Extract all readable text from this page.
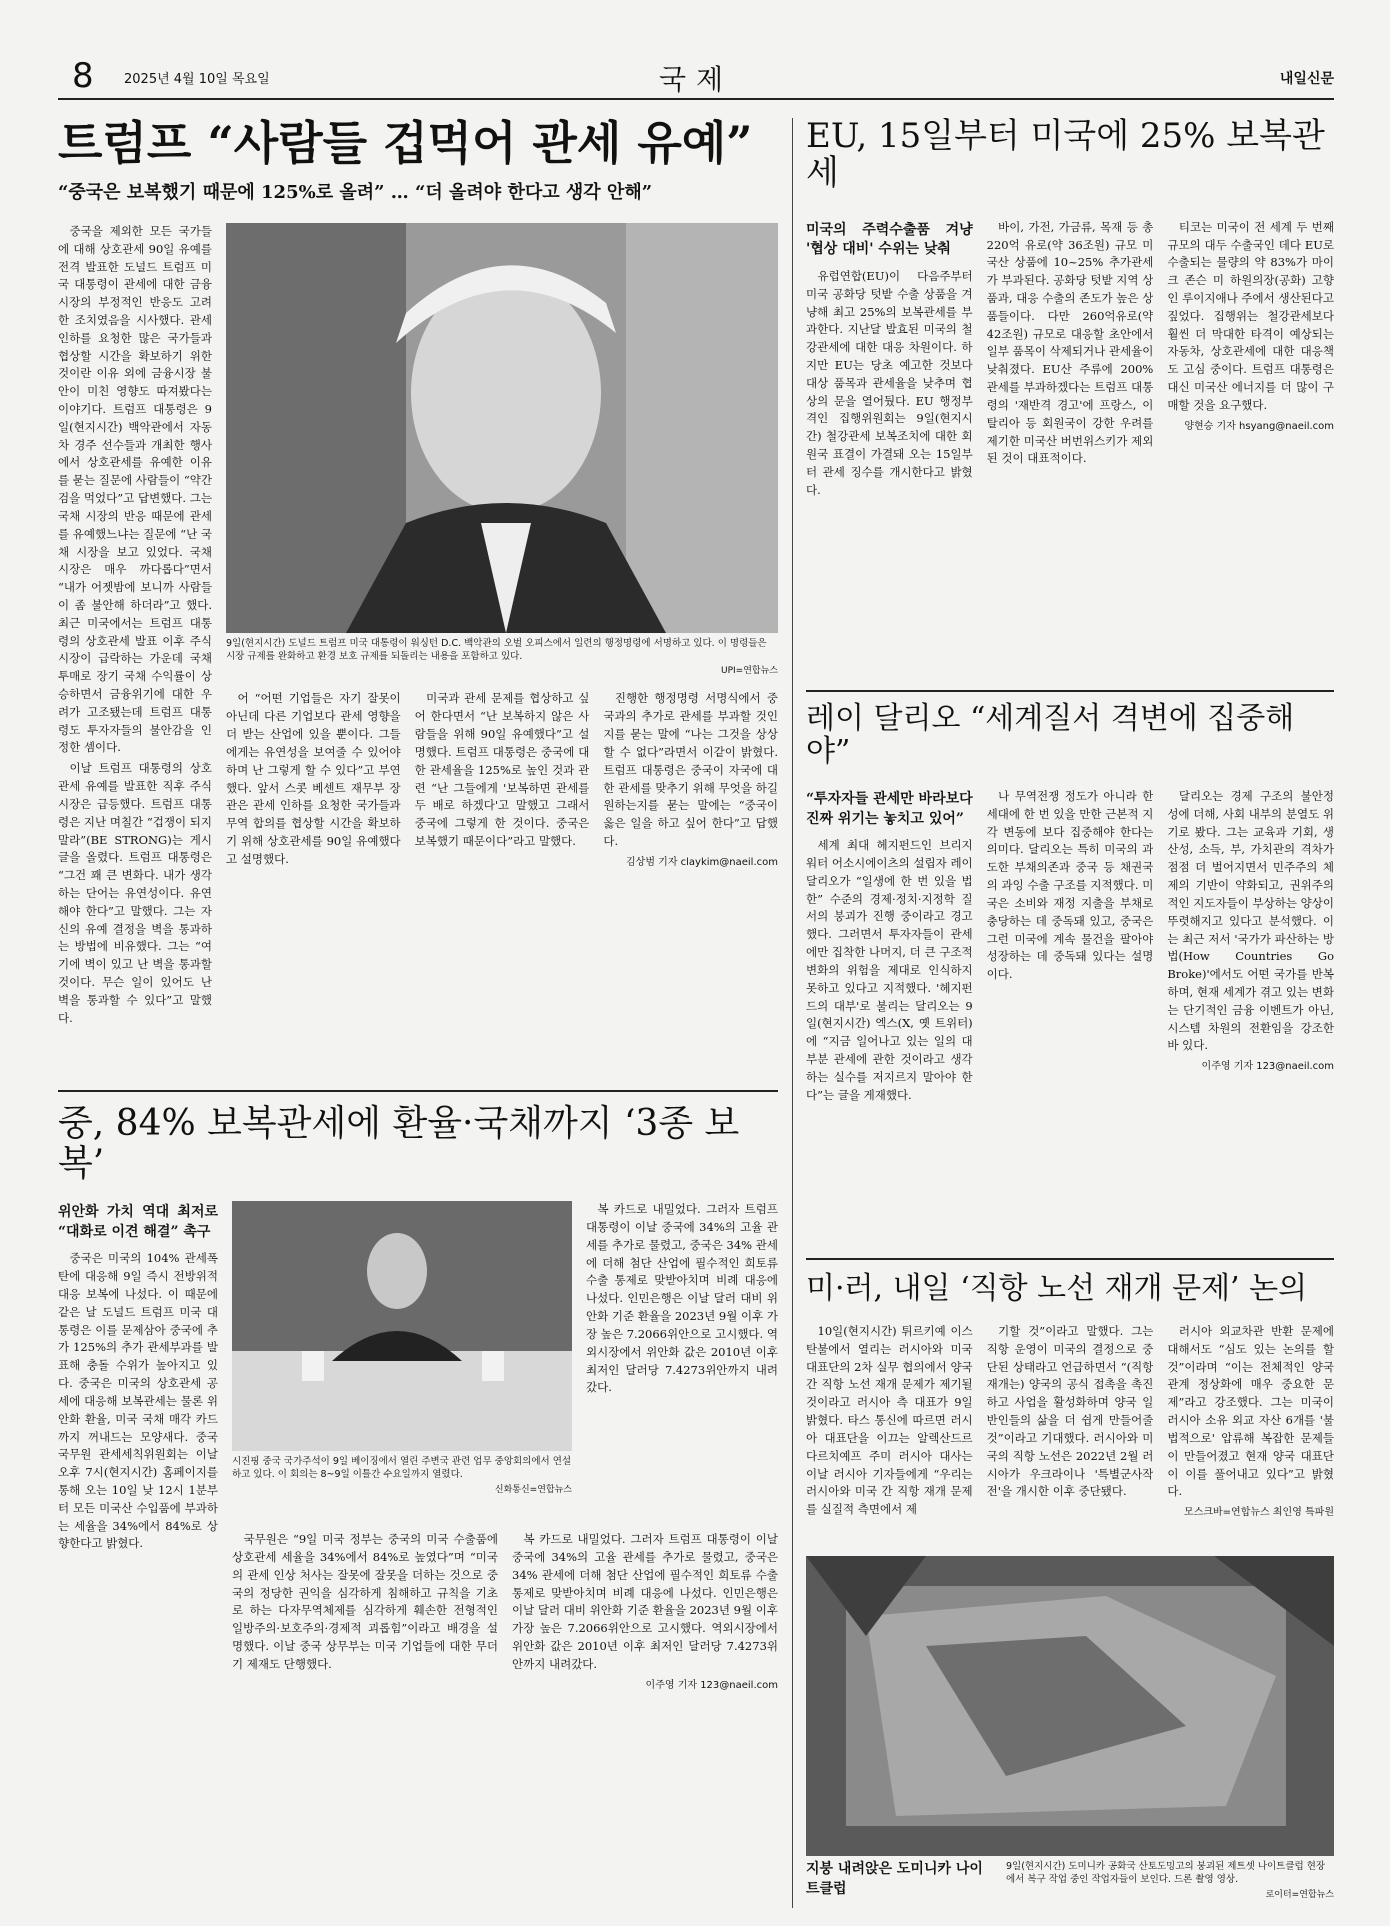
8 2025년 4월 10일 목요일	국제	내일신문
트럼프 “사람들 겁먹어 관세 유예”
“중국은 보복했기 때문에 125%로 올려” … “더 올려야 한다고 생각 안해”

중국을 제외한 모든 국가들에 대해 상호관세 90일 유예를 전격 발표한 도널드 트럼프 미국 대통령이 관세에 대한 금융시장의 부정적인 반응도 고려한 조치였음을 시사했다. 관세 인하를 요청한 많은 국가들과 협상할 시간을 확보하기 위한 것이란 이유 외에 금융시장 불안이 미친 영향도 따져봤다는 이야기다. 트럼프 대통령은 9일(현지시간) 백악관에서 자동차 경주 선수들과 개최한 행사에서 상호관세를 유예한 이유를 묻는 질문에 사람들이 “약간 검을 먹었다”고 답변했다. 그는 국채 시장의 반응 때문에 관세를 유예했느냐는 질문에 “난 국채 시장을 보고 있었다. 국채 시장은 매우 까다롭다”면서 “내가 어젯밤에 보니까 사람들이 좀 불안해 하더라”고 했다. 최근 미국에서는 트럼프 대통령의 상호관세 발표 이후 주식시장이 급락하는 가운데 국채 투매로 장기 국채 수익률이 상승하면서 금융위기에 대한 우려가 고조됐는데 트럼프 대통령도 투자자들의 불안감을 인정한 셈이다.

이날 트럼프 대통령의 상호관세 유예를 발표한 직후 주식시장은 급등했다. 트럼프 대통령은 지난 며칠간 “겁쟁이 되지 말라”(BE STRONG)는 게시글을 올렸다. 트럼프 대통령은 “그건 꽤 큰 변화다. 내가 생각하는 단어는 유연성이다. 유연해야 한다”고 말했다. 그는 자신의 유예 결정을 벽을 통과하는 방법에 비유했다. 그는 “여기에 벽이 있고 난 벽을 통과할 것이다. 무슨 일이 있어도 난 벽을 통과할 수 있다”고 말했다.

9일(현지시간) 도널드 트럼프 미국 대통령이 워싱턴 D.C. 백악관의 오벌 오피스에서 일련의 행정명령에 서명하고 있다. 이 명령들은 시장 규제를 완화하고 환경 보호 규제를 되돌리는 내용을 포함하고 있다.
UPI=연합뉴스

어 “어떤 기업들은 자기 잘못이 아닌데 다른 기업보다 관세 영향을 더 받는 산업에 있을 뿐이다. 그들에게는 유연성을 보여줄 수 있어야 하며 난 그렇게 할 수 있다”고 부연했다. 앞서 스콧 베센트 재무부 장관은 관세 인하를 요청한 국가들과 무역 합의를 협상할 시간을 확보하기 위해 상호관세를 90일 유예했다고 설명했다.

미국과 관세 문제를 협상하고 싶어 한다면서 “난 보복하지 않은 사람들을 위해 90일 유예했다”고 설명했다. 트럼프 대통령은 중국에 대한 관세율을 125%로 높인 것과 관련 “난 그들에게 '보복하면 관세를 두 배로 하겠다'고 말했고 그래서 중국에 그렇게 한 것이다. 중국은 보복했기 때문이다”라고 말했다.

진행한 행정명령 서명식에서 중국과의 추가로 관세를 부과할 것인지를 묻는 말에 “나는 그것을 상상할 수 없다”라면서 이같이 밝혔다. 트럼프 대통령은 중국이 자국에 대한 관세를 맞추기 위해 무엇을 하길 원하는지를 묻는 말에는 “중국이 옳은 일을 하고 싶어 한다”고 답했다.

김상범 기자 claykim@naeil.com
EU, 15일부터 미국에 25% 보복관세
미국의 주력수출품 겨냥 '협상 대비' 수위는 낮춰

유럽연합(EU)이 다음주부터 미국 공화당 텃밭 수출 상품을 겨냥해 최고 25%의 보복관세를 부과한다. 지난달 발효된 미국의 철강관세에 대한 대응 차원이다. 하지만 EU는 당초 예고한 것보다 대상 품목과 관세율을 낮추며 협상의 문을 열어뒀다. EU 행정부 격인 집행위원회는 9일(현지시간) 철강관세 보복조치에 대한 회원국 표결이 가결돼 오는 15일부터 관세 징수를 개시한다고 밝혔다.

바이, 가전, 가금류, 목재 등 총 220억 유로(약 36조원) 규모 미국산 상품에 10~25% 추가관세가 부과된다. 공화당 텃밭 지역 상품과, 대응 수출의 존도가 높은 상품들이다. 다만 260억유로(약 42조원) 규모로 대응할 초안에서 일부 품목이 삭제되거나 관세율이 낮춰졌다. EU산 주류에 200% 관세를 부과하겠다는 트럼프 대통령의 '재반격 경고'에 프랑스, 이탈리아 등 회원국이 강한 우려를 제기한 미국산 버번위스키가 제외된 것이 대표적이다.

티코는 미국이 전 세계 두 번째 규모의 대두 수출국인 데다 EU로 수출되는 물량의 약 83%가 마이크 존슨 미 하원의장(공화) 고향인 루이지애나 주에서 생산된다고 짚었다. 집행위는 철강관세보다 훨씬 더 막대한 타격이 예상되는 자동차, 상호관세에 대한 대응책도 고심 중이다. 트럼프 대통령은 대신 미국산 에너지를 더 많이 구매할 것을 요구했다.

양현승 기자 hsyang@naeil.com
레이 달리오 “세계질서 격변에 집중해야”
“투자자들 관세만 바라보다 진짜 위기는 놓치고 있어”

세계 최대 헤지펀드인 브리지워터 어소시에이츠의 설립자 레이 달리오가 “일생에 한 번 있을 법한” 수준의 경제·정치·지정학 질서의 붕괴가 진행 중이라고 경고했다. 그러면서 투자자들이 관세에만 집착한 나머지, 더 큰 구조적 변화의 위험을 제대로 인식하지 못하고 있다고 지적했다. '헤지펀드의 대부'로 불리는 달리오는 9일(현지시간) 엑스(X, 옛 트위터)에 “지금 일어나고 있는 일의 대부분 관세에 관한 것이라고 생각하는 실수를 저지르지 말아야 한다”는 글을 게재했다.

나 무역전쟁 정도가 아니라 한 세대에 한 번 있을 만한 근본적 지각 변동에 보다 집중해야 한다는 의미다. 달리오는 특히 미국의 과도한 부채의존과 중국 등 채권국의 과잉 수출 구조를 지적했다. 미국은 소비와 재정 지출을 부채로 충당하는 데 중독돼 있고, 중국은 그런 미국에 계속 물건을 팔아야 성장하는 데 중독돼 있다는 설명이다.

달리오는 경제 구조의 불안정성에 더해, 사회 내부의 분열도 위기로 봤다. 그는 교육과 기회, 생산성, 소득, 부, 가치관의 격차가 점점 더 벌어지면서 민주주의 체제의 기반이 약화되고, 권위주의적인 지도자들이 부상하는 양상이 뚜렷해지고 있다고 분석했다. 이는 최근 저서 '국가가 파산하는 방법(How Countries Go Broke)'에서도 어떤 국가를 반복하며, 현재 세계가 겪고 있는 변화는 단기적인 금융 이벤트가 아닌, 시스템 차원의 전환임을 강조한 바 있다.

이주영 기자 123@naeil.com
미·러, 내일 ‘직항 노선 재개 문제’ 논의

10일(현지시간) 튀르키예 이스탄불에서 열리는 러시아와 미국 대표단의 2차 실무 협의에서 양국 간 직항 노선 재개 문제가 제기될 것이라고 러시아 측 대표가 9일 밝혔다. 타스 통신에 따르면 러시아 대표단을 이끄는 알렉산드르 다르치예프 주미 러시아 대사는 이날 러시아 기자들에게 “우리는 러시아와 미국 간 직항 재개 문제를 실질적 측면에서 제

기할 것”이라고 말했다. 그는 직항 운영이 미국의 결정으로 중단된 상태라고 언급하면서 “(직항 재개는) 양국의 공식 접촉을 촉진하고 사업을 활성화하며 양국 일반인들의 삶을 더 쉽게 만들어줄 것”이라고 기대했다. 러시아와 미국의 직항 노선은 2022년 2월 러시아가 우크라이나 '특별군사작전'을 개시한 이후 중단됐다.

러시아 외교차관 반환 문제에 대해서도 “심도 있는 논의를 할 것”이라며 “이는 전체적인 양국 관계 정상화에 매우 중요한 문제”라고 강조했다. 그는 미국이 러시아 소유 외교 자산 6개를 '불법적으로' 압류해 복잡한 문제들이 만들어졌고 현재 양국 대표단이 이를 풀어내고 있다”고 밝혔다.

모스크바=연합뉴스 최인영 특파원
지붕 내려앉은 도미니카 나이트클럽
9일(현지시간) 도미니카 공화국 산토도밍고의 붕괴된 제트셋 나이트클럽 현장에서 복구 작업 중인 작업자들이 보인다. 드론 촬영 영상.
로이터=연합뉴스
중, 84% 보복관세에 환율·국채까지 ‘3종 보복’
위안화 가치 역대 최저로 “대화로 이견 해결” 촉구

중국은 미국의 104% 관세폭탄에 대응해 9일 즉시 전방위적 대응 보복에 나섰다. 이 때문에 같은 날 도널드 트럼프 미국 대통령은 이를 문제삼아 중국에 추가 125%의 추가 관세부과를 발표해 충돌 수위가 높아지고 있다. 중국은 미국의 상호관세 공세에 대응해 보복관세는 물론 위안화 환율, 미국 국채 매각 카드까지 꺼내드는 모양새다. 중국 국무원 관세세칙위원회는 이날 오후 7시(현지시간) 홈페이지를 통해 오는 10일 낮 12시 1분부터 모든 미국산 수입품에 부과하는 세율을 34%에서 84%로 상향한다고 밝혔다.

시진핑 중국 국가주석이 9일 베이징에서 열린 주변국 관련 업무 중앙회의에서 연설하고 있다. 이 회의는 8~9일 이틀간 수요일까지 열렸다.
신화통신=연합뉴스

복 카드로 내밀었다. 그러자 트럼프 대통령이 이날 중국에 34%의 고율 관세를 추가로 물렸고, 중국은 34% 관세에 더해 첨단 산업에 필수적인 희토류 수출 통제로 맞받아치며 비례 대응에 나섰다. 인민은행은 이날 달러 대비 위안화 기준 환율을 2023년 9월 이후 가장 높은 7.2066위안으로 고시했다. 역외시장에서 위안화 값은 2010년 이후 최저인 달러당 7.4273위안까지 내려갔다.

국무원은 “9일 미국 정부는 중국의 미국 수출품에 상호관세 세율을 34%에서 84%로 높였다”며 “미국의 관세 인상 처사는 잘못에 잘못을 더하는 것으로 중국의 정당한 권익을 심각하게 침해하고 규칙을 기초로 하는 다자무역체제를 심각하게 훼손한 전형적인 일방주의·보호주의·경제적 괴롭힘”이라고 배경을 설명했다. 이날 중국 상무부는 미국 기업들에 대한 무더기 제재도 단행했다.

복 카드로 내밀었다. 그러자 트럼프 대통령이 이날 중국에 34%의 고율 관세를 추가로 물렸고, 중국은 34% 관세에 더해 첨단 산업에 필수적인 희토류 수출 통제로 맞받아치며 비례 대응에 나섰다. 인민은행은 이날 달러 대비 위안화 기준 환율을 2023년 9월 이후 가장 높은 7.2066위안으로 고시했다. 역외시장에서 위안화 값은 2010년 이후 최저인 달러당 7.4273위안까지 내려갔다.

이주영 기자 123@naeil.com
